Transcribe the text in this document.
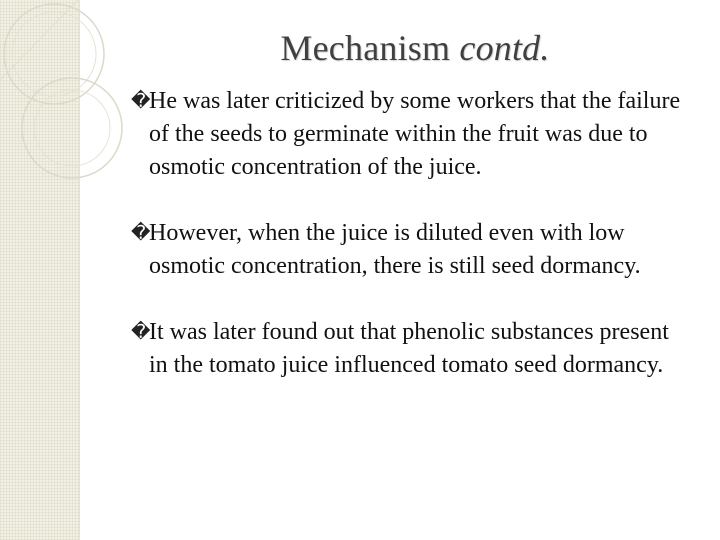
Mechanism contd.
�
He was later criticized by some workers that the failure of the seeds to germinate within the fruit was due to osmotic concentration of the juice.
�
However, when the juice is diluted even with low osmotic concentration, there is still seed dormancy.
�
It was later found out that phenolic substances present in the tomato juice influenced tomato seed dormancy.
